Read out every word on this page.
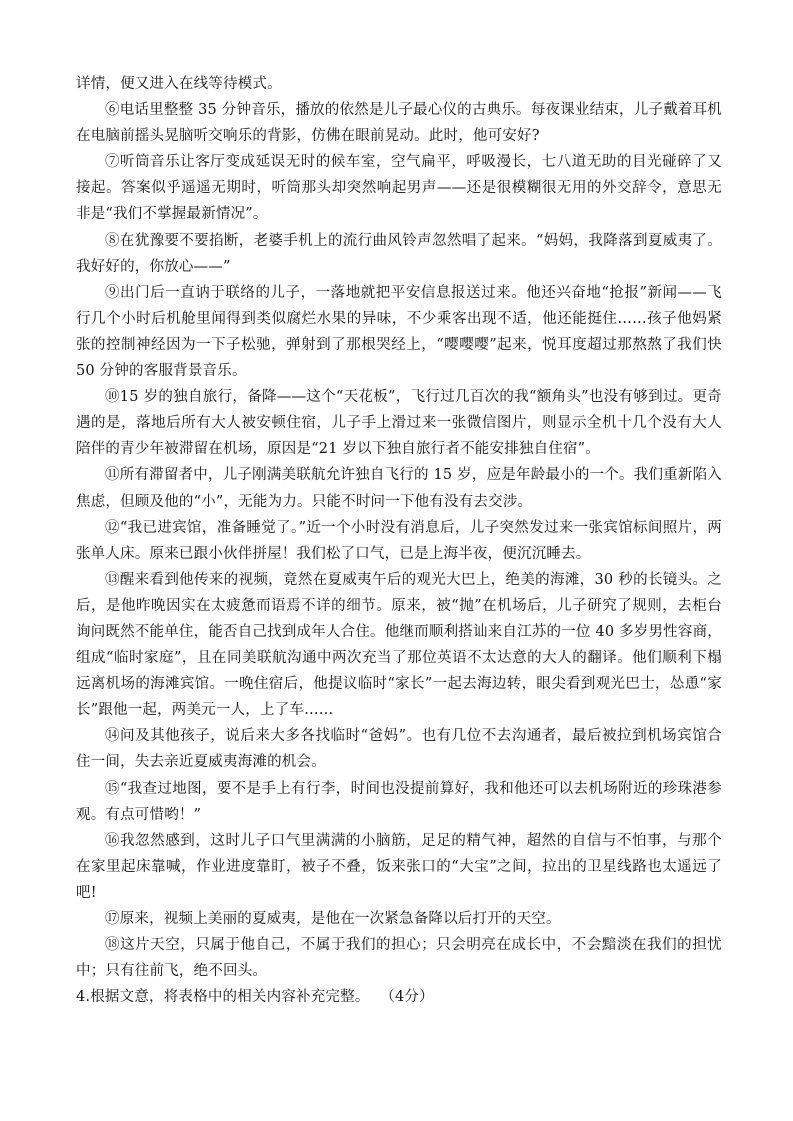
详情，便又进入在线等待模式。

⑥电话里整整 35 分钟音乐，播放的依然是儿子最心仪的古典乐。每夜课业结束，儿子戴着耳机在电脑前摇头晃脑听交响乐的背影，仿佛在眼前晃动。此时，他可安好?

⑦听筒音乐让客厅变成延误无时的候车室，空气扁平，呼吸漫长，七八道无助的目光碰碎了又接起。答案似乎遥遥无期时，听筒那头却突然响起男声——还是很模糊很无用的外交辞令，意思无非是“我们不掌握最新情况”。

⑧在犹豫要不要掐断，老婆手机上的流行曲风铃声忽然唱了起来。“妈妈，我降落到夏威夷了。我好好的，你放心——”

⑨出门后一直讷于联络的儿子，一落地就把平安信息报送过来。他还兴奋地“抢报”新闻——飞行几个小时后机舱里闻得到类似腐烂水果的异味，不少乘客出现不适，他还能挺住……孩子他妈紧张的控制神经因为一下子松驰，弹射到了那根哭经上，“嘤嘤嘤”起来，悦耳度超过那熬熬了我们快 50 分钟的客服背景音乐。

⑩15 岁的独自旅行，备降——这个“天花板”，飞行过几百次的我“额角头”也没有够到过。更奇遇的是，落地后所有大人被安顿住宿，儿子手上滑过来一张微信图片，则显示全机十几个没有大人陪伴的青少年被滞留在机场，原因是“21 岁以下独自旅行者不能安排独自住宿”。

⑪所有滞留者中，儿子刚满美联航允许独自飞行的 15 岁，应是年龄最小的一个。我们重新陷入焦虑，但顾及他的“小”，无能为力。只能不时问一下他有没有去交涉。

⑫“我已进宾馆，准备睡觉了。”近一个小时没有消息后，儿子突然发过来一张宾馆标间照片，两张单人床。原来已跟小伙伴拼屋！我们松了口气，已是上海半夜，便沉沉睡去。

⑬醒来看到他传来的视频，竟然在夏威夷午后的观光大巴上，绝美的海滩，30 秒的长镜头。之后，是他昨晚因实在太疲惫而语焉不详的细节。原来，被“抛”在机场后，儿子研究了规则，去柜台询问既然不能单住，能否自己找到成年人合住。他继而顺利搭讪来自江苏的一位 40 多岁男性容商，组成“临时家庭”，且在同美联航沟通中两次充当了那位英语不太达意的大人的翻译。他们顺利下榻远离机场的海滩宾馆。一晚住宿后，他提议临时“家长”一起去海边转，眼尖看到观光巴士，怂恿“家长”跟他一起，两美元一人，上了车……

⑭问及其他孩子，说后来大多各找临时“爸妈”。也有几位不去沟通者，最后被拉到机场宾馆合住一间，失去亲近夏威夷海滩的机会。

⑮“我查过地图，要不是手上有行李，时间也没提前算好，我和他还可以去机场附近的珍珠港参观。有点可惜哟！”

⑯我忽然感到，这时儿子口气里满满的小脑筋，足足的精气神，超然的自信与不怕事，与那个在家里起床靠喊，作业进度靠盯，被子不叠，饭来张口的“大宝”之间，拉出的卫星线路也太遥远了吧!

⑰原来，视频上美丽的夏威夷，是他在一次紧急备降以后打开的天空。

⑱这片天空，只属于他自己，不属于我们的担心；只会明亮在成长中，不会黯淡在我们的担忧中；只有往前飞，绝不回头。

4.根据文意，将表格中的相关内容补充完整。 （4分）
